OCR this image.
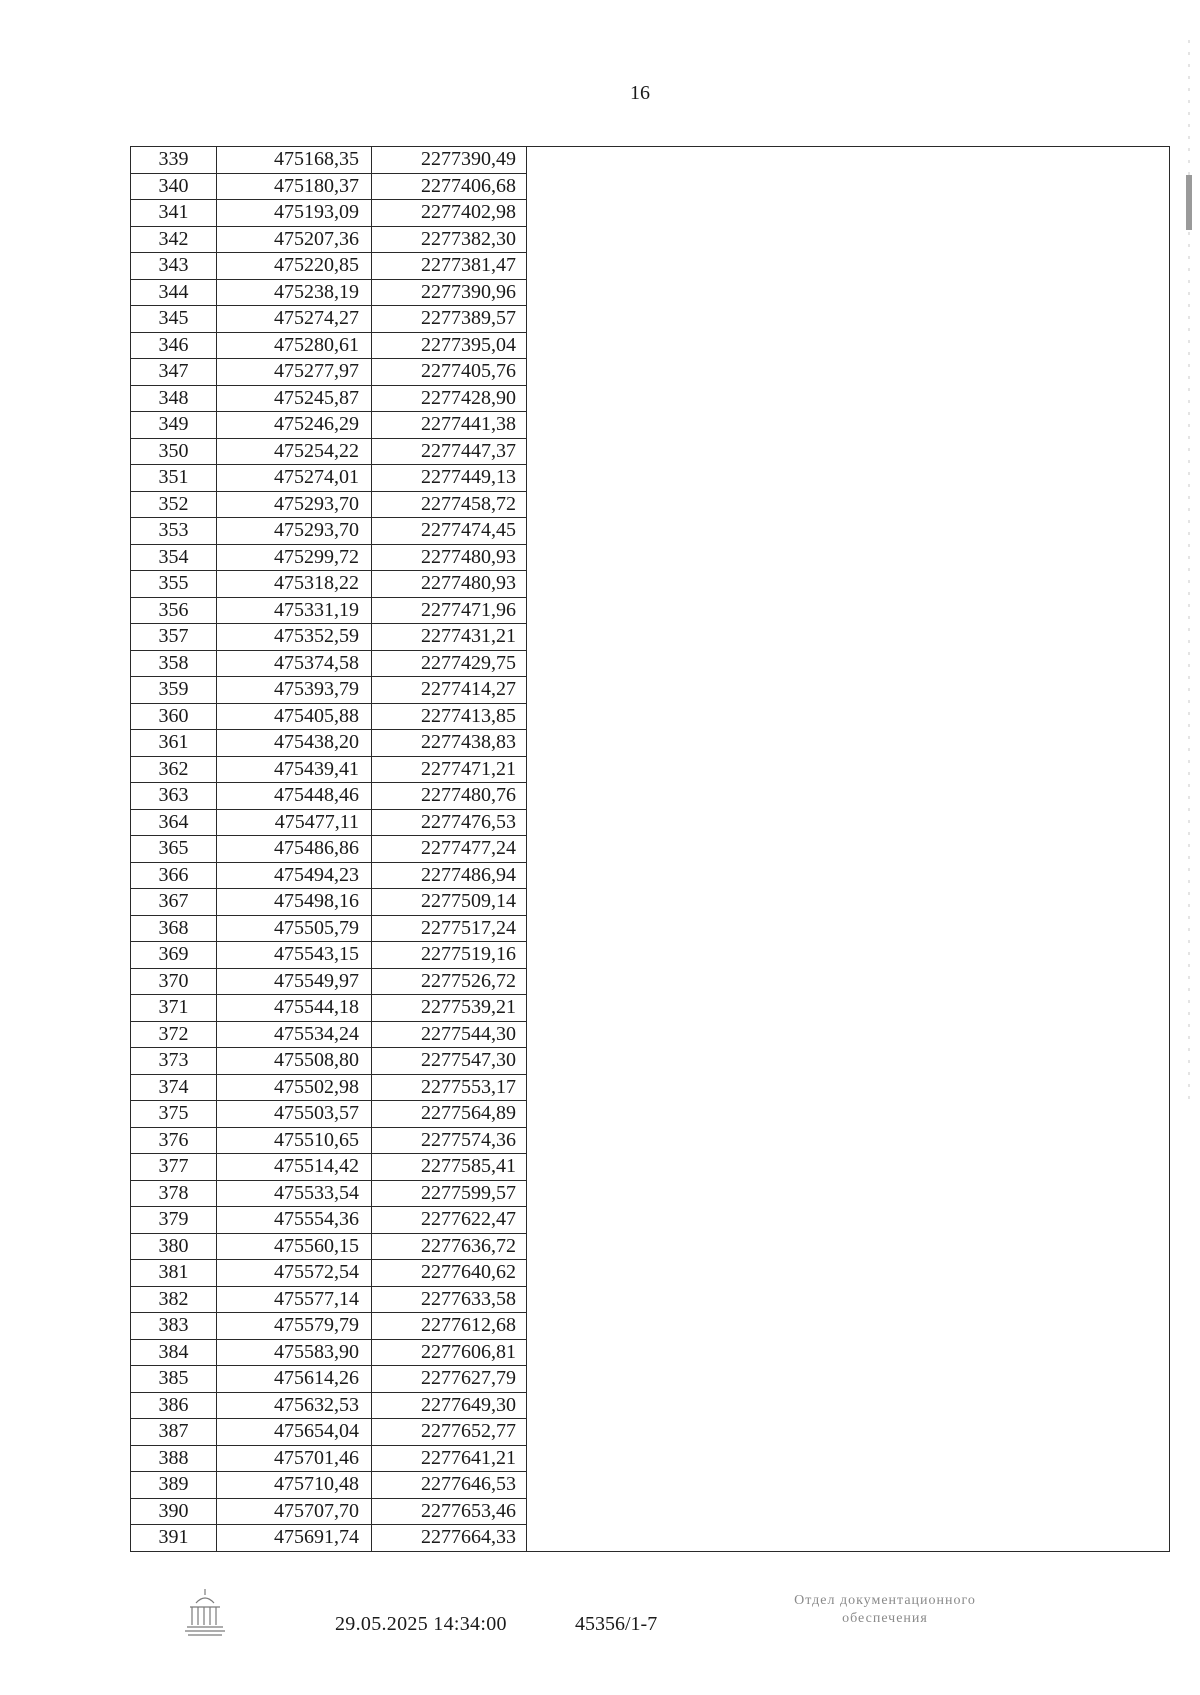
16
339	475168,35	2277390,49	
340	475180,37	2277406,68	
341	475193,09	2277402,98	
342	475207,36	2277382,30	
343	475220,85	2277381,47	
344	475238,19	2277390,96	
345	475274,27	2277389,57	
346	475280,61	2277395,04	
347	475277,97	2277405,76	
348	475245,87	2277428,90	
349	475246,29	2277441,38	
350	475254,22	2277447,37	
351	475274,01	2277449,13	
352	475293,70	2277458,72	
353	475293,70	2277474,45	
354	475299,72	2277480,93	
355	475318,22	2277480,93	
356	475331,19	2277471,96	
357	475352,59	2277431,21	
358	475374,58	2277429,75	
359	475393,79	2277414,27	
360	475405,88	2277413,85	
361	475438,20	2277438,83	
362	475439,41	2277471,21	
363	475448,46	2277480,76	
364	475477,11	2277476,53	
365	475486,86	2277477,24	
366	475494,23	2277486,94	
367	475498,16	2277509,14	
368	475505,79	2277517,24	
369	475543,15	2277519,16	
370	475549,97	2277526,72	
371	475544,18	2277539,21	
372	475534,24	2277544,30	
373	475508,80	2277547,30	
374	475502,98	2277553,17	
375	475503,57	2277564,89	
376	475510,65	2277574,36	
377	475514,42	2277585,41	
378	475533,54	2277599,57	
379	475554,36	2277622,47	
380	475560,15	2277636,72	
381	475572,54	2277640,62	
382	475577,14	2277633,58	
383	475579,79	2277612,68	
384	475583,90	2277606,81	
385	475614,26	2277627,79	
386	475632,53	2277649,30	
387	475654,04	2277652,77	
388	475701,46	2277641,21	
389	475710,48	2277646,53	
390	475707,70	2277653,46	
391	475691,74	2277664,33	
29.05.2025 14:34:00	45356/1-7
Отдел документационного
обеспечения
